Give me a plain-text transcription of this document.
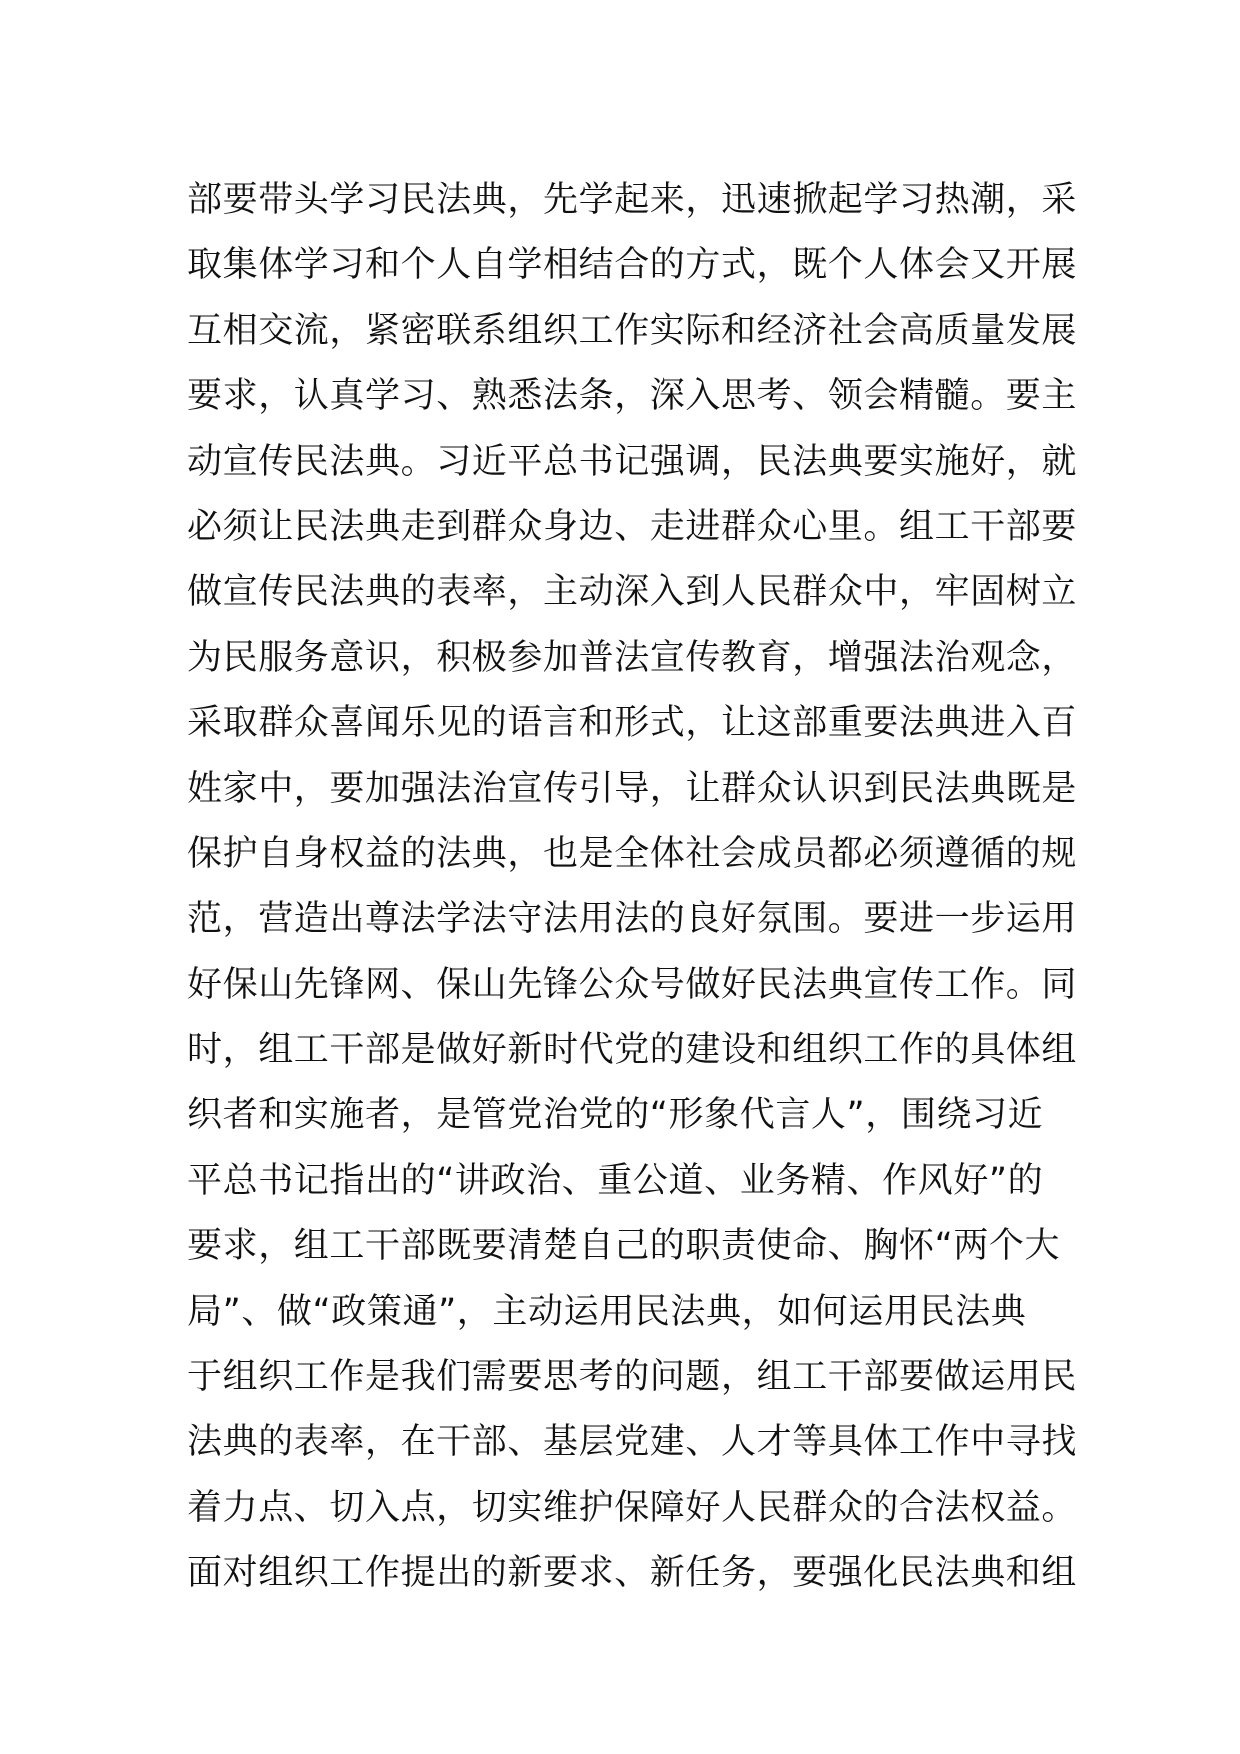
部要带头学习民法典，先学起来，迅速掀起学习热潮，采
取集体学习和个人自学相结合的方式，既个人体会又开展
互相交流，紧密联系组织工作实际和经济社会高质量发展
要求，认真学习、熟悉法条，深入思考、领会精髓。要主
动宣传民法典。习近平总书记强调，民法典要实施好，就
必须让民法典走到群众身边、走进群众心里。组工干部要
做宣传民法典的表率，主动深入到人民群众中，牢固树立
为民服务意识，积极参加普法宣传教育，增强法治观念，
采取群众喜闻乐见的语言和形式，让这部重要法典进入百
姓家中，要加强法治宣传引导，让群众认识到民法典既是
保护自身权益的法典，也是全体社会成员都必须遵循的规
范，营造出尊法学法守法用法的良好氛围。要进一步运用
好保山先锋网、保山先锋公众号做好民法典宣传工作。同
时，组工干部是做好新时代党的建设和组织工作的具体组
织者和实施者，是管党治党的“形象代言人”，围绕习近
平总书记指出的“讲政治、重公道、业务精、作风好”的
要求，组工干部既要清楚自己的职责使命、胸怀“两个大
局”、做“政策通”，主动运用民法典，如何运用民法典
于组织工作是我们需要思考的问题，组工干部要做运用民
法典的表率，在干部、基层党建、人才等具体工作中寻找
着力点、切入点，切实维护保障好人民群众的合法权益。
面对组织工作提出的新要求、新任务，要强化民法典和组
